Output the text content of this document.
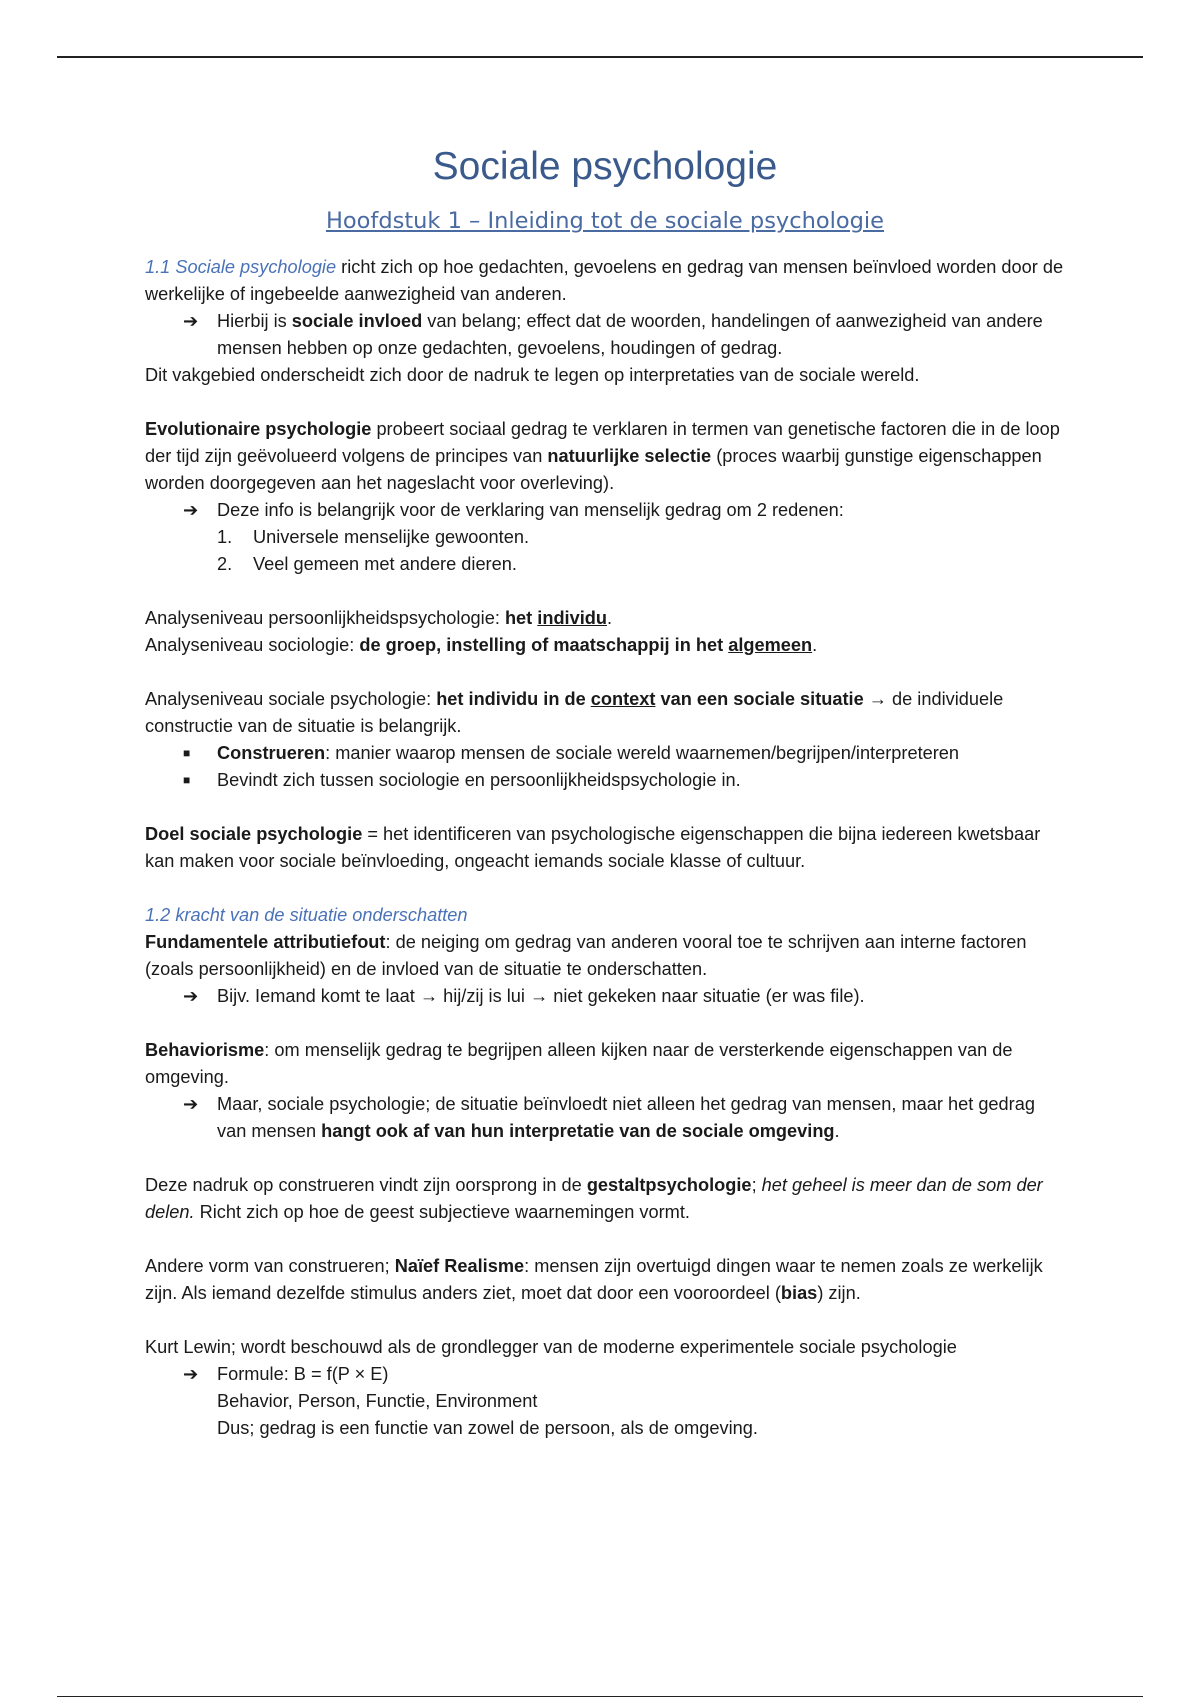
Sociale psychologie
Hoofdstuk 1 – Inleiding tot de sociale psychologie

1.1 Sociale psychologie richt zich op hoe gedachten, gevoelens en gedrag van mensen beïnvloed worden door de werkelijke of ingebeelde aanwezigheid van anderen.

➔ Hierbij is sociale invloed van belang; effect dat de woorden, handelingen of aanwezigheid van andere mensen hebben op onze gedachten, gevoelens, houdingen of gedrag.

Dit vakgebied onderscheidt zich door de nadruk te legen op interpretaties van de sociale wereld.

Evolutionaire psychologie probeert sociaal gedrag te verklaren in termen van genetische factoren die in de loop der tijd zijn geëvolueerd volgens de principes van natuurlijke selectie (proces waarbij gunstige eigenschappen worden doorgegeven aan het nageslacht voor overleving).

➔ Deze info is belangrijk voor de verklaring van menselijk gedrag om 2 redenen:

1. Universele menselijke gewoonten.

2. Veel gemeen met andere dieren.

Analyseniveau persoonlijkheidspsychologie: het individu.

Analyseniveau sociologie: de groep, instelling of maatschappij in het algemeen.

Analyseniveau sociale psychologie: het individu in de context van een sociale situatie → de individuele constructie van de situatie is belangrijk.

■ Construeren: manier waarop mensen de sociale wereld waarnemen/begrijpen/interpreteren

■ Bevindt zich tussen sociologie en persoonlijkheidspsychologie in.

Doel sociale psychologie = het identificeren van psychologische eigenschappen die bijna iedereen kwetsbaar kan maken voor sociale beïnvloeding, ongeacht iemands sociale klasse of cultuur.

1.2 kracht van de situatie onderschatten

Fundamentele attributiefout: de neiging om gedrag van anderen vooral toe te schrijven aan interne factoren (zoals persoonlijkheid) en de invloed van de situatie te onderschatten.

➔ Bijv. Iemand komt te laat → hij/zij is lui → niet gekeken naar situatie (er was file).

Behaviorisme: om menselijk gedrag te begrijpen alleen kijken naar de versterkende eigenschappen van de omgeving.

➔ Maar, sociale psychologie; de situatie beïnvloedt niet alleen het gedrag van mensen, maar het gedrag van mensen hangt ook af van hun interpretatie van de sociale omgeving.

Deze nadruk op construeren vindt zijn oorsprong in de gestaltpsychologie; het geheel is meer dan de som der delen. Richt zich op hoe de geest subjectieve waarnemingen vormt.

Andere vorm van construeren; Naïef Realisme: mensen zijn overtuigd dingen waar te nemen zoals ze werkelijk zijn. Als iemand dezelfde stimulus anders ziet, moet dat door een vooroordeel (bias) zijn.

Kurt Lewin; wordt beschouwd als de grondlegger van de moderne experimentele sociale psychologie

➔ Formule: B = f(P × E)

Behavior, Person, Functie, Environment

Dus; gedrag is een functie van zowel de persoon, als de omgeving.
